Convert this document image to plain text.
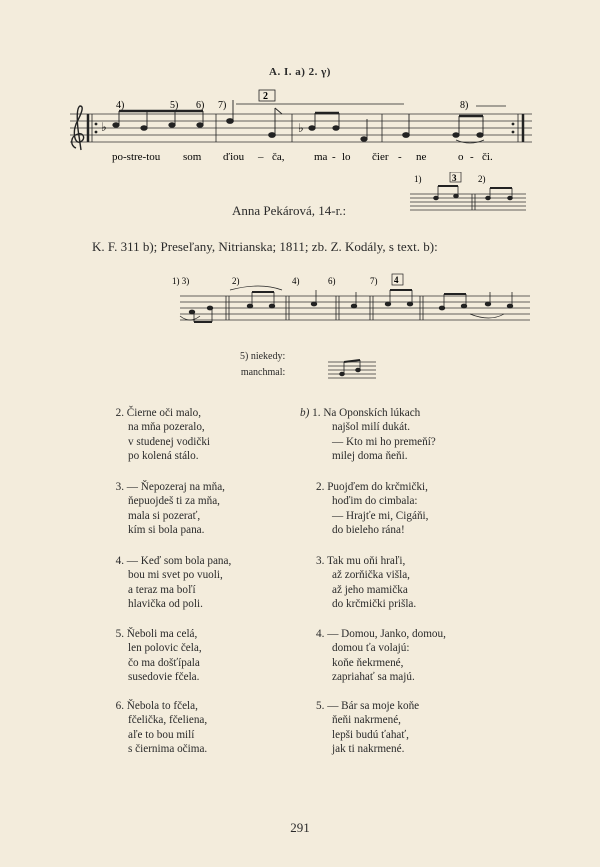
A. I. a) 2. γ)
♭	♭
4)	5) 6) 7)
2
8)
po-stre-tou som ďiou – ča,	ma - lo čier - ne	o - či.
1)	3 2)
Anna Pekárová, 14-r.:
K. F. 311 b); Preseľany, Nitrianska; 1811; zb. Z. Kodály, s text. b):
1) 3)	2)	4)	6)	7) 4
5) niekedy:
manchmal:
2. Čierne oči malo,
na mňa pozeralo,
v studenej vodički
po kolená stálo.
3. — Ňepozeraj na mňa,
ňepuojdeš ti za mňa,
mala si pozerať,
kím si bola pana.
4. — Keď som bola pana,
bou mi svet po vuoli,
a teraz ma boľí
hlavička od poli.
5. Ňeboli ma celá,
len polovic čela,
čo ma došťípala
susedovie fčela.
6. Ňebola to fčela,
fčelička, fčeliena,
aľe to bou milí
s čiernima očima.
b) 1. Na Oponskích lúkach
najšol milí dukát.
— Kto mi ho premeňí?
milej doma ňeňi.
2. Puojďem do krčmički,
hoďim do cimbala:
— Hrajťe mi, Cigáňi,
do bieleho rána!
3. Tak mu oňi hraľi,
až zorňička višla,
až jeho mamička
do krčmički prišla.
4. — Domou, Janko, domou,
domou ťa volajú:
koňe ňekrmené,
zapriahať sa majú.
5. — Bár sa moje koňe
ňeňi nakrmené,
lepši budú ťahať,
jak ti nakrmené.
291
